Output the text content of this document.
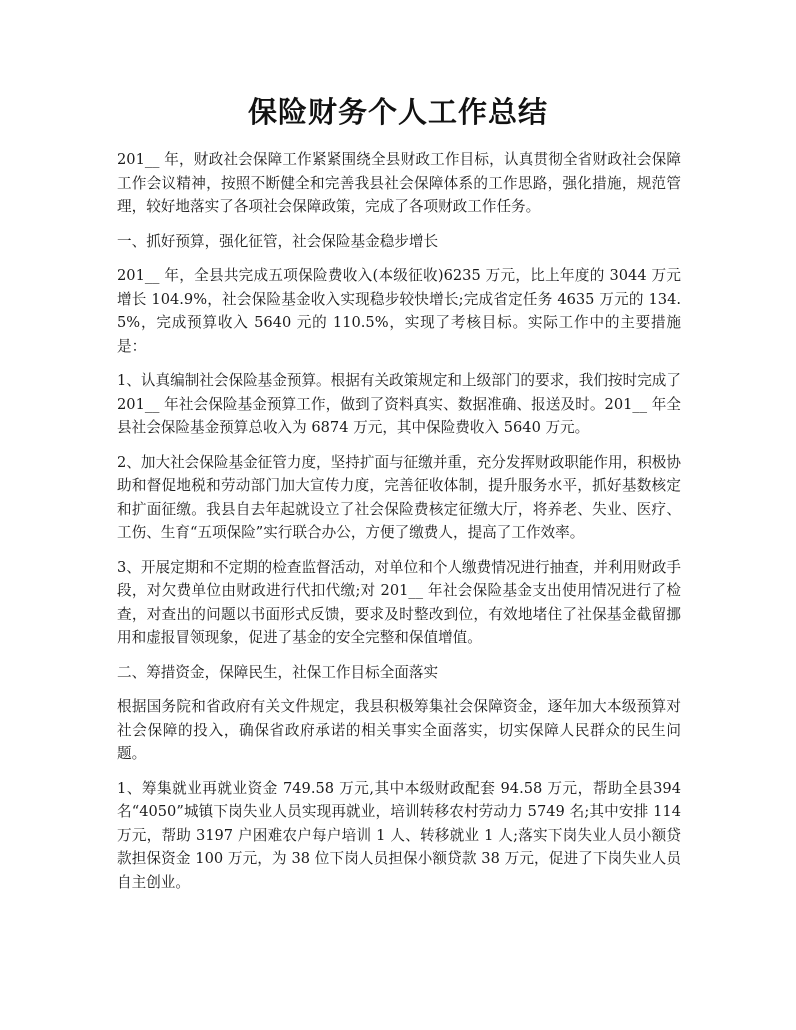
保险财务个人工作总结

201__ 年，财政社会保障工作紧紧围绕全县财政工作目标，认真贯彻全省财政社会保障工作会议精神，按照不断健全和完善我县社会保障体系的工作思路，强化措施，规范管理，较好地落实了各项社会保障政策，完成了各项财政工作任务。

一、抓好预算，强化征管，社会保险基金稳步增长

201__ 年，全县共完成五项保险费收入(本级征收)6235 万元，比上年度的 3044 万元增长 104.9%，社会保险基金收入实现稳步较快增长;完成省定任务 4635 万元的 134.5%，完成预算收入 5640 元的 110.5%，实现了考核目标。实际工作中的主要措施是：

1、认真编制社会保险基金预算。根据有关政策规定和上级部门的要求，我们按时完成了 201__ 年社会保险基金预算工作，做到了资料真实、数据准确、报送及时。201__ 年全县社会保险基金预算总收入为 6874 万元，其中保险费收入 5640 万元。

2、加大社会保险基金征管力度，坚持扩面与征缴并重，充分发挥财政职能作用，积极协助和督促地税和劳动部门加大宣传力度，完善征收体制，提升服务水平，抓好基数核定和扩面征缴。我县自去年起就设立了社会保险费核定征缴大厅，将养老、失业、医疗、工伤、生育“五项保险”实行联合办公，方便了缴费人，提高了工作效率。

3、开展定期和不定期的检查监督活动，对单位和个人缴费情况进行抽查，并利用财政手段，对欠费单位由财政进行代扣代缴;对 201__ 年社会保险基金支出使用情况进行了检查，对查出的问题以书面形式反馈，要求及时整改到位，有效地堵住了社保基金截留挪用和虚报冒领现象，促进了基金的安全完整和保值增值。

二、筹措资金，保障民生，社保工作目标全面落实

根据国务院和省政府有关文件规定，我县积极筹集社会保障资金，逐年加大本级预算对社会保障的投入，确保省政府承诺的相关事实全面落实，切实保障人民群众的民生问题。

1、筹集就业再就业资金 749.58 万元,其中本级财政配套 94.58 万元，帮助全县394 名“4050”城镇下岗失业人员实现再就业，培训转移农村劳动力 5749 名;其中安排 114 万元，帮助 3197 户困难农户每户培训 1 人、转移就业 1 人;落实下岗失业人员小额贷款担保资金 100 万元，为 38 位下岗人员担保小额贷款 38 万元，促进了下岗失业人员自主创业。
